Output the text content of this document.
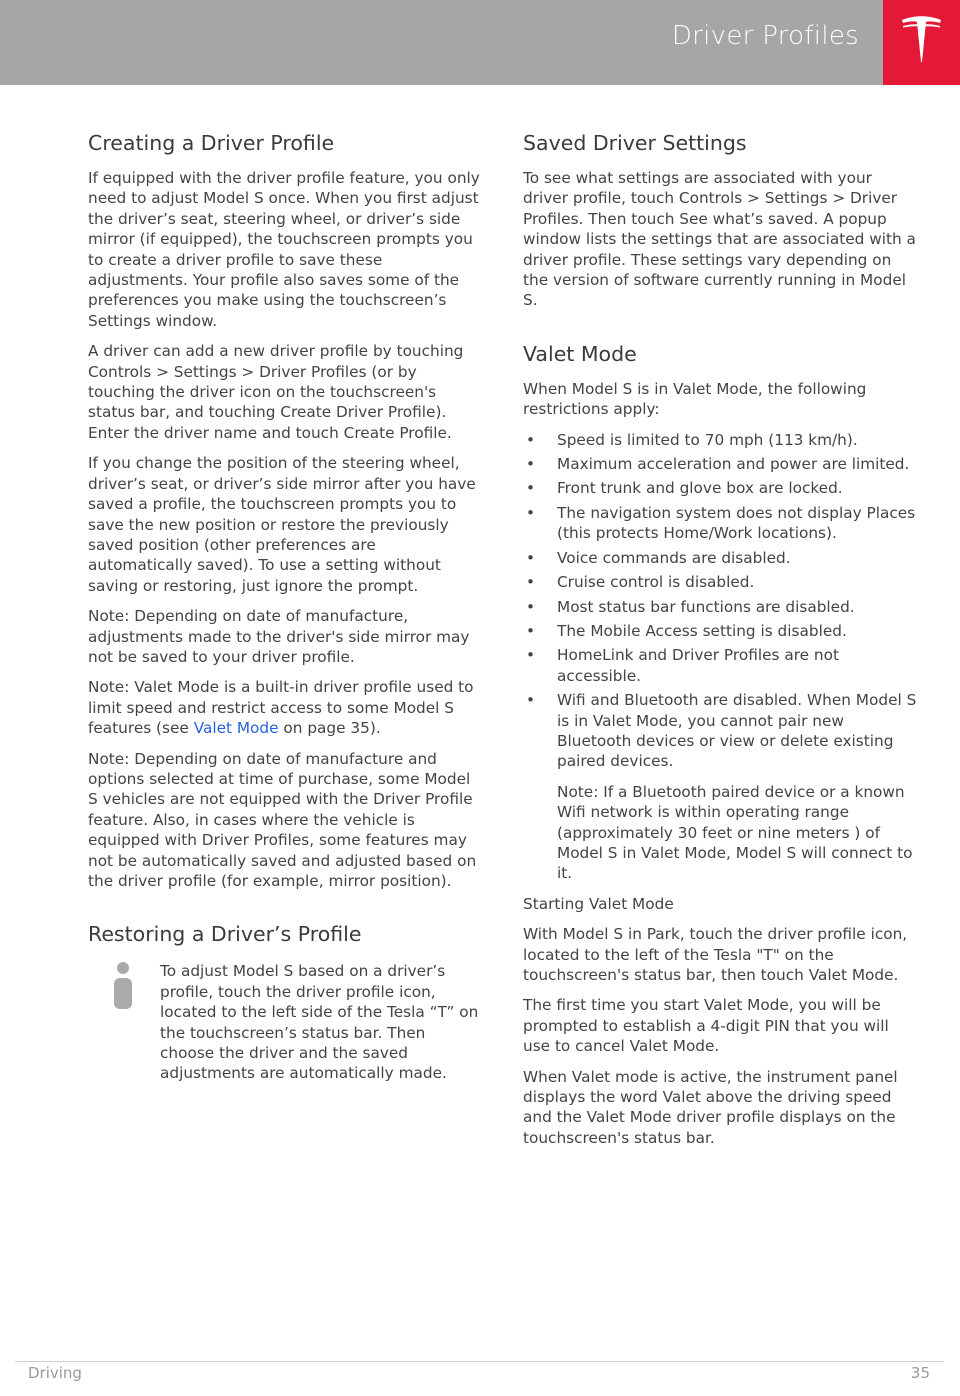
Driver Profiles
Creating a Driver Profile

If equipped with the driver profile feature, you only need to adjust Model S once. When you first adjust the driver’s seat, steering wheel, or driver’s side mirror (if equipped), the touchscreen prompts you to create a driver profile to save these adjustments. Your profile also saves some of the preferences you make using the touchscreen’s Settings window.

A driver can add a new driver profile by touching Controls > Settings > Driver Profiles (or by touching the driver icon on the touchscreen's status bar, and touching Create Driver Profile). Enter the driver name and touch Create Profile.

If you change the position of the steering wheel, driver’s seat, or driver’s side mirror after you have saved a profile, the touchscreen prompts you to save the new position or restore the previously saved position (other preferences are automatically saved). To use a setting without saving or restoring, just ignore the prompt.

Note: Depending on date of manufacture, adjustments made to the driver's side mirror may not be saved to your driver profile.

Note: Valet Mode is a built-in driver profile used to limit speed and restrict access to some Model S features (see Valet Mode on page 35).

Note: Depending on date of manufacture and options selected at time of purchase, some Model S vehicles are not equipped with the Driver Profile feature. Also, in cases where the vehicle is equipped with Driver Profiles, some features may not be automatically saved and adjusted based on the driver profile (for example, mirror position).

Restoring a Driver’s Profile

To adjust Model S based on a driver’s profile, touch the driver profile icon, located to the left side of the Tesla “T” on the touchscreen’s status bar. Then choose the driver and the saved adjustments are automatically made.

Saved Driver Settings

To see what settings are associated with your driver profile, touch Controls > Settings > Driver Profiles. Then touch See what’s saved. A popup window lists the settings that are associated with a driver profile. These settings vary depending on the version of software currently running in Model S.

Valet Mode

When Model S is in Valet Mode, the following restrictions apply:

• Speed is limited to 70 mph (113 km/h).
• Maximum acceleration and power are limited.
• Front trunk and glove box are locked.
• The navigation system does not display Places (this protects Home/Work locations).
• Voice commands are disabled.
• Cruise control is disabled.
• Most status bar functions are disabled.
• The Mobile Access setting is disabled.
• HomeLink and Driver Profiles are not accessible.
• Wifi and Bluetooth are disabled. When Model S is in Valet Mode, you cannot pair new Bluetooth devices or view or delete existing paired devices.

Note: If a Bluetooth paired device or a known Wifi network is within operating range (approximately 30 feet or nine meters ) of Model S in Valet Mode, Model S will connect to it.

Starting Valet Mode

With Model S in Park, touch the driver profile icon, located to the left of the Tesla "T" on the touchscreen's status bar, then touch Valet Mode.

The first time you start Valet Mode, you will be prompted to establish a 4-digit PIN that you will use to cancel Valet Mode.

When Valet mode is active, the instrument panel displays the word Valet above the driving speed and the Valet Mode driver profile displays on the touchscreen's status bar.

Driving	35
